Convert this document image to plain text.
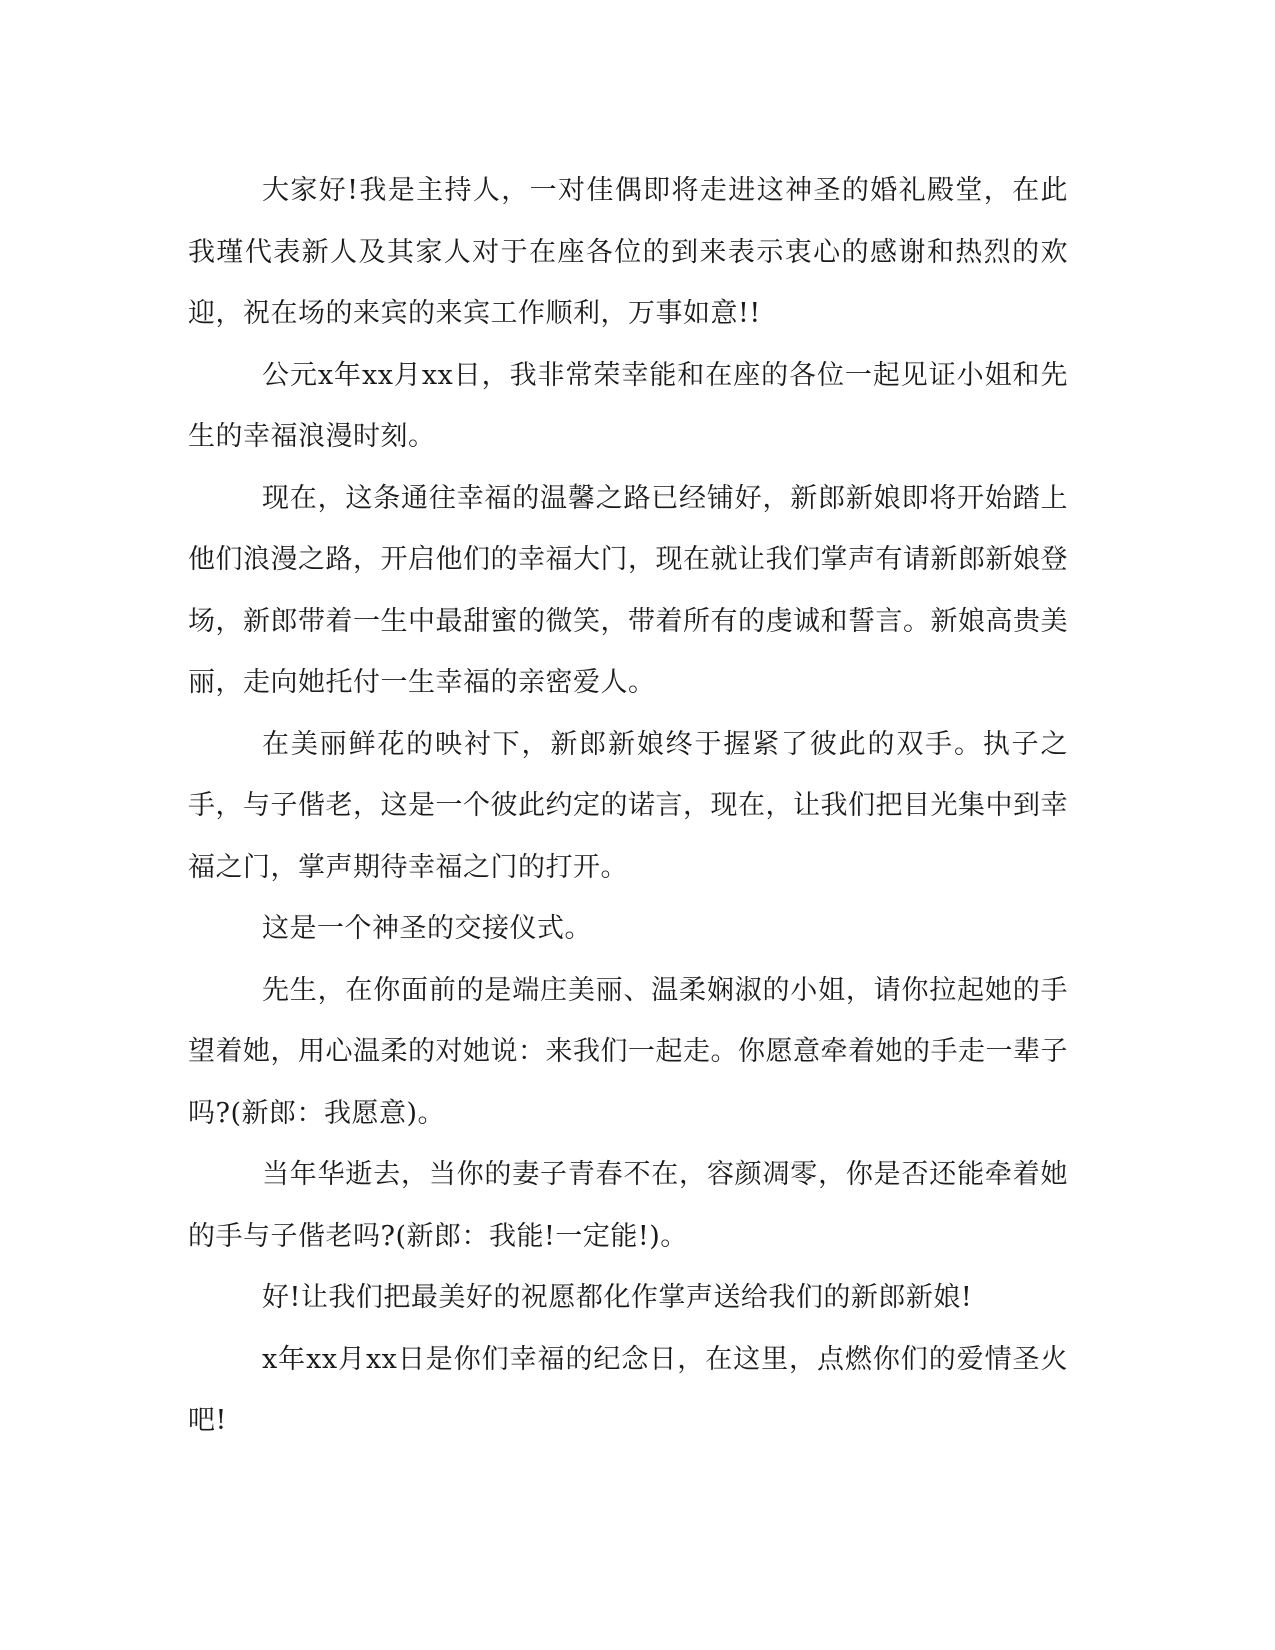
大家好!我是主持人，一对佳偶即将走进这神圣的婚礼殿堂，在此我瑾代表新人及其家人对于在座各位的到来表示衷心的感谢和热烈的欢迎，祝在场的来宾的来宾工作顺利，万事如意!!

公元x年xx月xx日，我非常荣幸能和在座的各位一起见证小姐和先生的幸福浪漫时刻。

现在，这条通往幸福的温馨之路已经铺好，新郎新娘即将开始踏上他们浪漫之路，开启他们的幸福大门，现在就让我们掌声有请新郎新娘登场，新郎带着一生中最甜蜜的微笑，带着所有的虔诚和誓言。新娘高贵美丽，走向她托付一生幸福的亲密爱人。

在美丽鲜花的映衬下，新郎新娘终于握紧了彼此的双手。执子之手，与子偕老，这是一个彼此约定的诺言，现在，让我们把目光集中到幸福之门，掌声期待幸福之门的打开。

这是一个神圣的交接仪式。

先生，在你面前的是端庄美丽、温柔娴淑的小姐，请你拉起她的手望着她，用心温柔的对她说：来我们一起走。你愿意牵着她的手走一辈子吗?(新郎：我愿意)。

当年华逝去，当你的妻子青春不在，容颜凋零，你是否还能牵着她的手与子偕老吗?(新郎：我能!一定能!)。

好!让我们把最美好的祝愿都化作掌声送给我们的新郎新娘!

x年xx月xx日是你们幸福的纪念日，在这里，点燃你们的爱情圣火吧!
